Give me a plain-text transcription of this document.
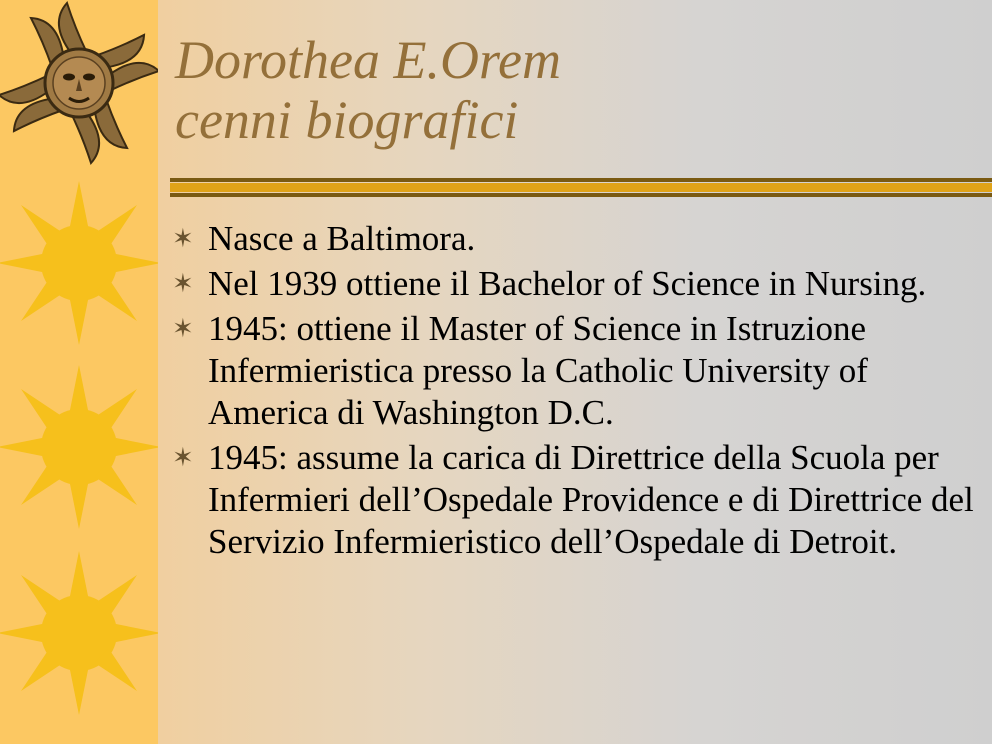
Dorothea E.Orem
cenni biografici
✶ Nasce a Baltimora.
✶ Nel 1939 ottiene il Bachelor of Science in Nursing.
✶ 1945: ottiene il Master of Science in Istruzione Infermieristica presso la Catholic University of America di Washington D.C.
✶ 1945: assume la carica di Direttrice della Scuola per Infermieri dell’Ospedale Providence e di Direttrice del Servizio Infermieristico dell’Ospedale di Detroit.
